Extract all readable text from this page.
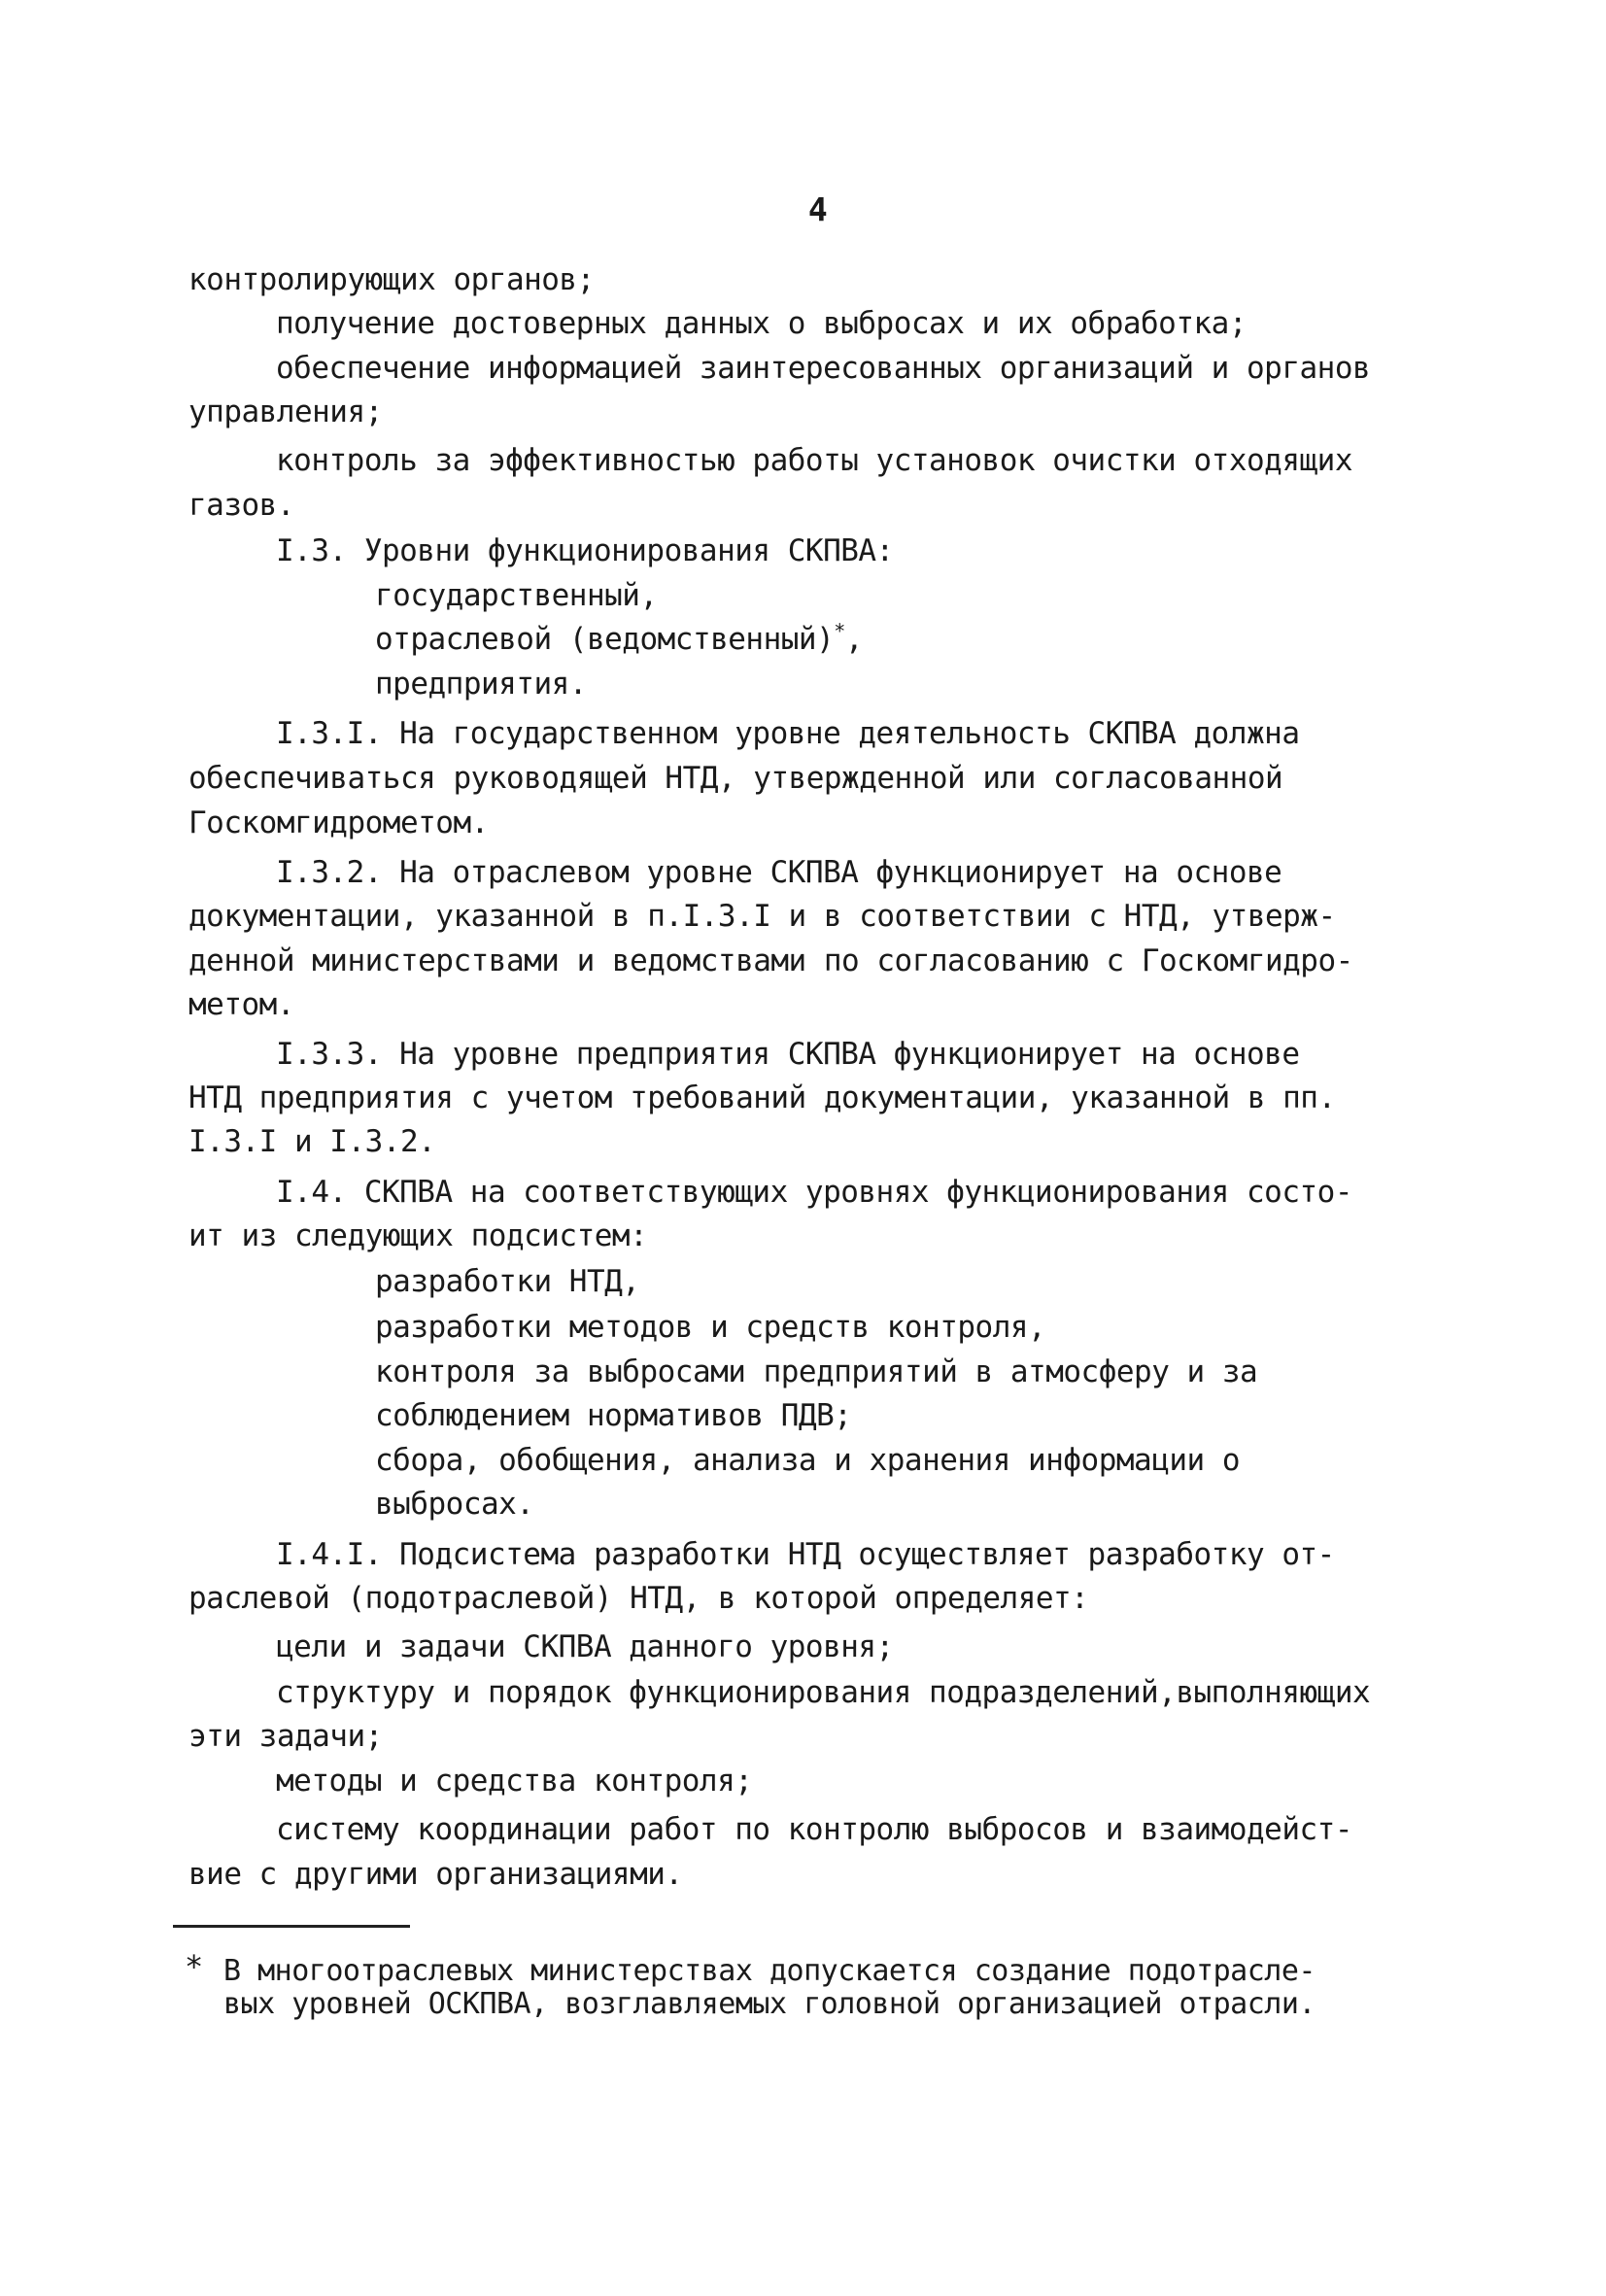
4
контролирующих органов;
получение достоверных данных о выбросах и их обработка;
обеспечение информацией заинтересованных организаций и органов
управления;
контроль за эффективностью работы установок очистки отходящих
газов.
I.3. Уровни функционирования СКПВА:
государственный,
отраслевой (ведомственный)*,
предприятия.
I.3.I. На государственном уровне деятельность СКПВА должна
обеспечиваться руководящей НТД, утвержденной или согласованной
Госкомгидрометом.
I.3.2. На отраслевом уровне СКПВА функционирует на основе
документации, указанной в п.I.3.I и в соответствии с НТД, утверж-
денной министерствами и ведомствами по согласованию с Госкомгидро-
метом.
I.3.3. На уровне предприятия СКПВА функционирует на основе
НТД предприятия с учетом требований документации, указанной в пп.
I.3.I и I.3.2.
I.4. СКПВА на соответствующих уровнях функционирования состо-
ит из следующих подсистем:
разработки НТД,
разработки методов и средств контроля,
контроля за выбросами предприятий в атмосферу и за
соблюдением нормативов ПДВ;
сбора, обобщения, анализа и хранения информации о
выбросах.
I.4.I. Подсистема разработки НТД осуществляет разработку от-
раслевой (подотраслевой) НТД, в которой определяет:
цели и задачи СКПВА данного уровня;
структуру и порядок функционирования подразделений,выполняющих
эти задачи;
методы и средства контроля;
систему координации работ по контролю выбросов и взаимодейст-
вие с другими организациями.
* В многоотраслевых министерствах допускается создание подотрасле-
вых уровней ОСКПВА, возглавляемых головной организацией отрасли.
